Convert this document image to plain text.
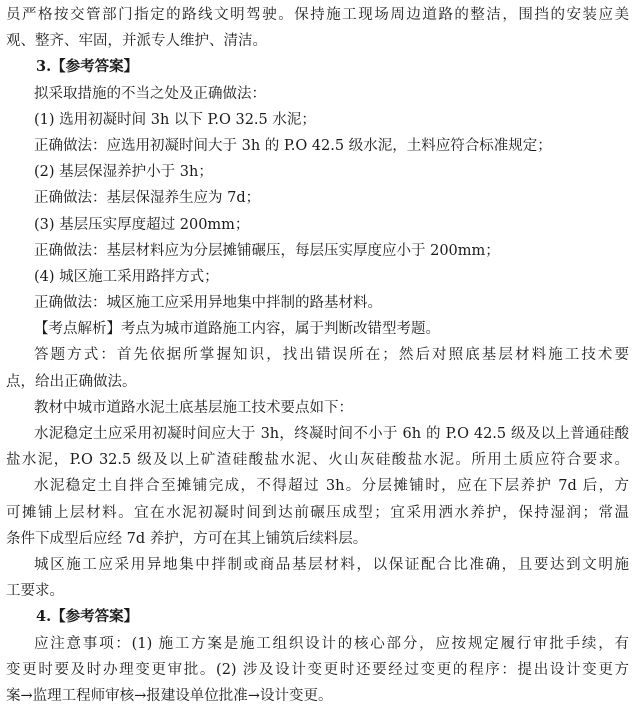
员严格按交管部门指定的路线文明驾驶。保持施工现场周边道路的整洁，围挡的安装应美
观、整齐、牢固，并派专人维护、清洁。
3.【参考答案】
拟采取措施的不当之处及正确做法：
(1) 选用初凝时间 3h 以下 P.O 32.5 水泥；
正确做法：应选用初凝时间大于 3h 的 P.O 42.5 级水泥，土料应符合标准规定；
(2) 基层保湿养护小于 3h；
正确做法：基层保湿养生应为 7d；
(3) 基层压实厚度超过 200mm；
正确做法：基层材料应为分层摊铺碾压，每层压实厚度应小于 200mm；
(4) 城区施工采用路拌方式；
正确做法：城区施工应采用异地集中拌制的路基材料。
【考点解析】考点为城市道路施工内容，属于判断改错型考题。
答题方式：首先依据所掌握知识，找出错误所在；然后对照底基层材料施工技术要
点，给出正确做法。
教材中城市道路水泥土底基层施工技术要点如下：
水泥稳定土应采用初凝时间应大于 3h，终凝时间不小于 6h 的 P.O 42.5 级及以上普通硅酸
盐水泥，P.O 32.5 级及以上矿渣硅酸盐水泥、火山灰硅酸盐水泥。所用土质应符合要求。
水泥稳定土自拌合至摊铺完成，不得超过 3h。分层摊铺时，应在下层养护 7d 后，方
可摊铺上层材料。宜在水泥初凝时间到达前碾压成型；宜采用洒水养护，保持湿润；常温
条件下成型后应经 7d 养护，方可在其上铺筑后续料层。
城区施工应采用异地集中拌制或商品基层材料，以保证配合比准确，且要达到文明施
工要求。
4.【参考答案】
应注意事项：(1) 施工方案是施工组织设计的核心部分，应按规定履行审批手续，有
变更时要及时办理变更审批。(2) 涉及设计变更时还要经过变更的程序：提出设计变更方
案→监理工程师审核→报建设单位批准→设计变更。
